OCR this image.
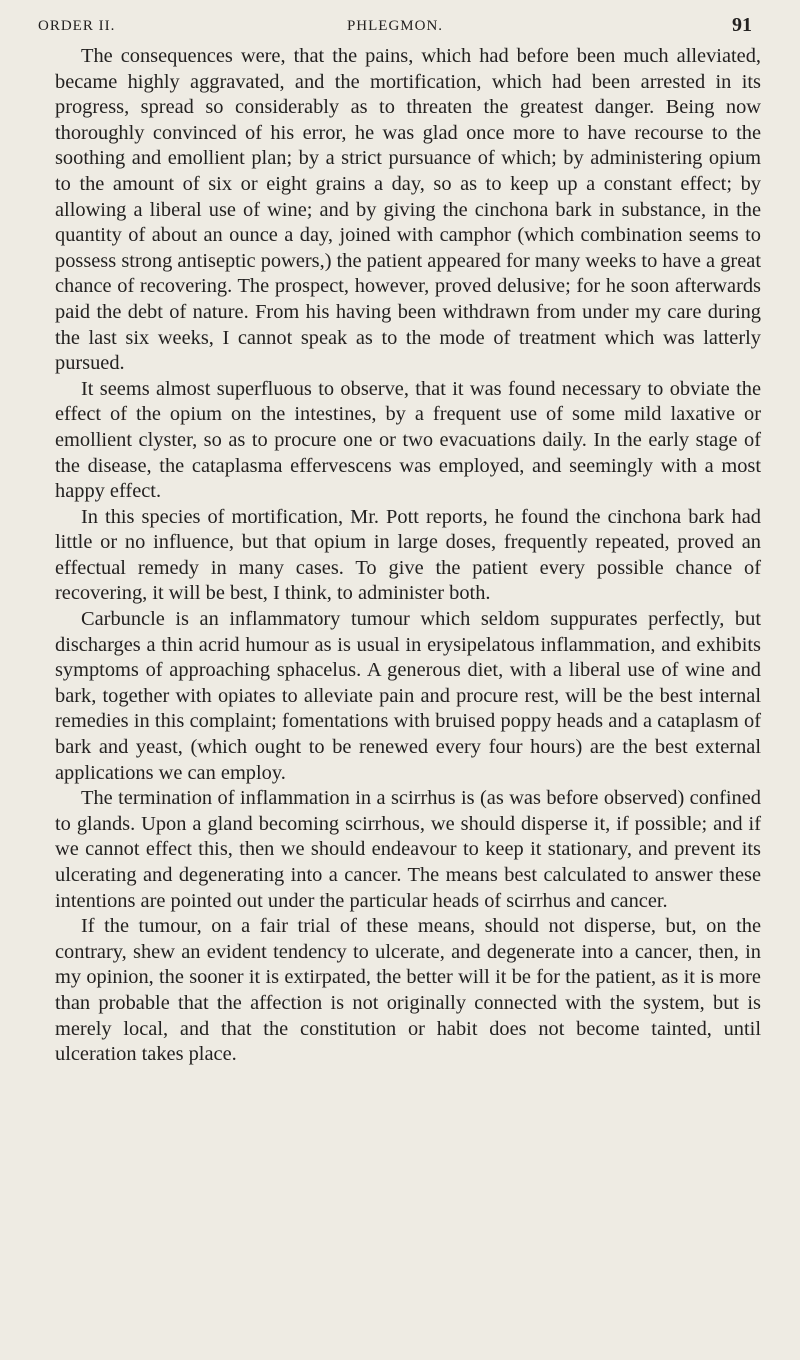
ORDER II.	PHLEGMON.	91

The consequences were, that the pains, which had before been much alleviated, became highly aggravated, and the mortification, which had been arrested in its progress, spread so considerably as to threaten the greatest danger. Being now thoroughly convinced of his error, he was glad once more to have recourse to the soothing and emollient plan; by a strict pursuance of which; by administering opium to the amount of six or eight grains a day, so as to keep up a constant effect; by allowing a liberal use of wine; and by giving the cinchona bark in substance, in the quantity of about an ounce a day, joined with camphor (which combination seems to possess strong antiseptic powers,) the patient appeared for many weeks to have a great chance of recovering. The prospect, however, proved delusive; for he soon afterwards paid the debt of nature. From his having been withdrawn from under my care during the last six weeks, I cannot speak as to the mode of treatment which was latterly pursued.

It seems almost superfluous to observe, that it was found necessary to obviate the effect of the opium on the intestines, by a frequent use of some mild laxative or emollient clyster, so as to procure one or two evacuations daily. In the early stage of the disease, the cataplasma effervescens was employed, and seemingly with a most happy effect.

In this species of mortification, Mr. Pott reports, he found the cinchona bark had little or no influence, but that opium in large doses, frequently repeated, proved an effectual remedy in many cases. To give the patient every possible chance of recovering, it will be best, I think, to administer both.

Carbuncle is an inflammatory tumour which seldom suppurates perfectly, but discharges a thin acrid humour as is usual in erysipelatous inflammation, and exhibits symptoms of approaching sphacelus. A generous diet, with a liberal use of wine and bark, together with opiates to alleviate pain and procure rest, will be the best internal remedies in this complaint; fomentations with bruised poppy heads and a cataplasm of bark and yeast, (which ought to be renewed every four hours) are the best external applications we can employ.

The termination of inflammation in a scirrhus is (as was before observed) confined to glands. Upon a gland becoming scirrhous, we should disperse it, if possible; and if we cannot effect this, then we should endeavour to keep it stationary, and prevent its ulcerating and degenerating into a cancer. The means best calculated to answer these intentions are pointed out under the particular heads of scirrhus and cancer.

If the tumour, on a fair trial of these means, should not disperse, but, on the contrary, shew an evident tendency to ulcerate, and degenerate into a cancer, then, in my opinion, the sooner it is extirpated, the better will it be for the patient, as it is more than probable that the affection is not originally connected with the system, but is merely local, and that the constitution or habit does not become tainted, until ulceration takes place.
